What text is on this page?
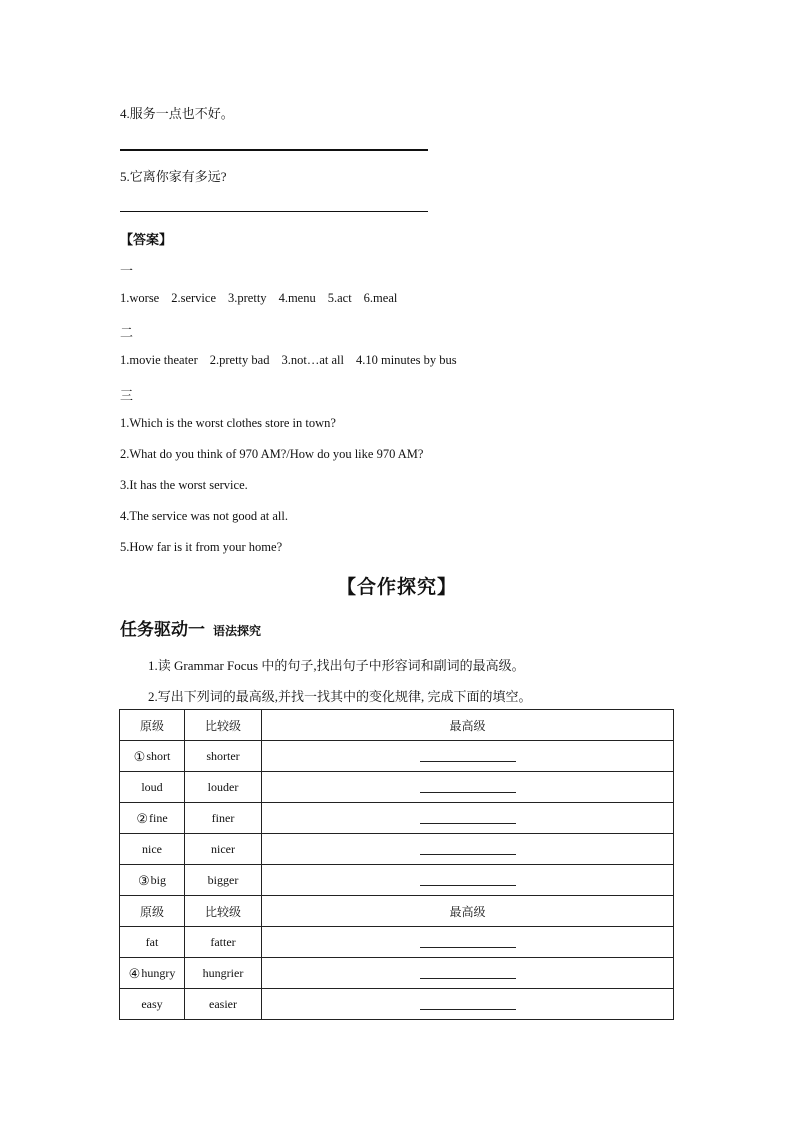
4.服务一点也不好。
5.它离你家有多远?
【答案】
一
1.worse 2.service 3.pretty 4.menu 5.act 6.meal
二
1.movie theater 2.pretty bad 3.not…at all 4.10 minutes by bus
三
1.Which is the worst clothes store in town?
2.What do you think of 970 AM?/How do you like 970 AM?
3.It has the worst service.
4.The service was not good at all.
5.How far is it from your home?
【合作探究】
任务驱动一 语法探究
1.读 Grammar Focus 中的句子,找出句子中形容词和副词的最高级。
2.写出下列词的最高级,并找一找其中的变化规律, 完成下面的填空。
原级	比较级	最高级
①short	shorter	
loud	louder	
②fine	finer	
nice	nicer	
③big	bigger	
原级	比较级	最高级
fat	fatter	
④hungry	hungrier	
easy	easier	
